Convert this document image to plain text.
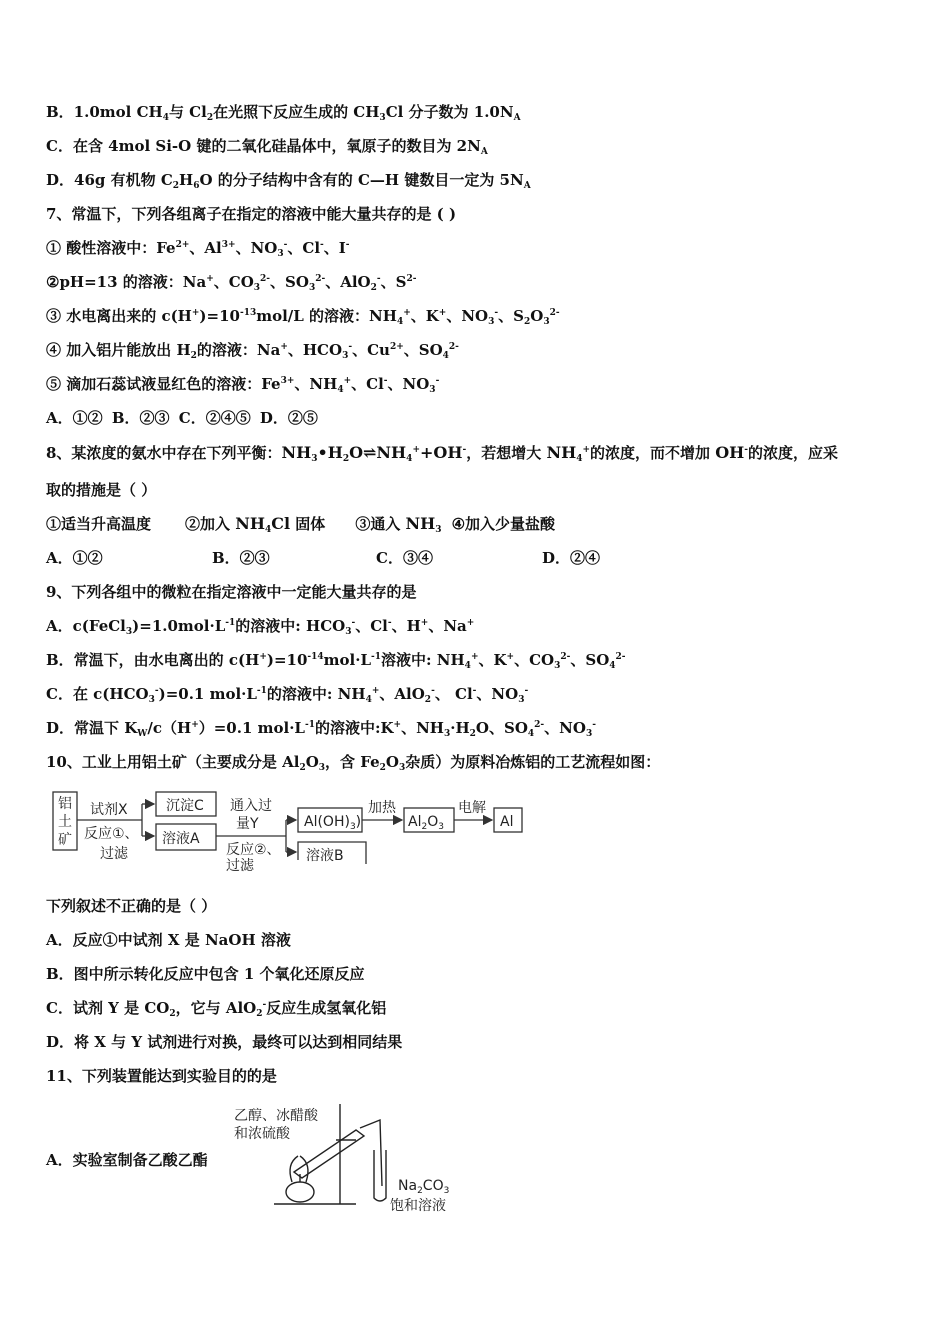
B．1.0mol $CH_4$与 $Cl_2$在光照下反应生成的 $CH_3Cl$ 分子数为 $1.0N_A$
C．在含 4mol Si-O 键的二氧化硅晶体中，氧原子的数目为 $2N_A$
D．46g 有机物 $C_2H_6O$ 的分子结构中含有的 C—H 键数目一定为 $5N_A$
7、常温下，下列各组离子在指定的溶液中能大量共存的是 ( )
① 酸性溶液中：$Fe^{2+}$、$Al^{3+}$、$NO_3^-$、Cl-、I-
②pH=13 的溶液：Na+、$CO_3^{2-}$、$SO_3^{2-}$、AlO$_2$-、$S^{2-}$
③ 水电离出来的 $c(H^+)=10^{-13}mol/L$ 的溶液：$NH_4^+$、K+、$NO_3^-$、$S_2O_3^{2-}$
④ 加入铝片能放出 $H_2$的溶液：Na+、$HCO_3^-$、$Cu^{2+}$、$SO_4^{2-}$
⑤ 滴加石蕊试液显红色的溶液：$Fe^{3+}$、$NH_4^+$、Cl-、$NO_3^-$
A．①② B．②③ C．②④⑤ D．②⑤
8、某浓度的氨水中存在下列平衡：$NH_3•H_2O\rightleftharpoons NH_4^++OH^-$，若想增大 $NH_4^+$的浓度，而不增加 OH-的浓度，应采
取的措施是（ ）
①适当升高温度 ②加入 $NH_4Cl$ 固体 ③通入 $NH_3$ ④加入少量盐酸
A．①②	B．②③	C．③④	D．②④
9、下列各组中的微粒在指定溶液中一定能大量共存的是
A．$c(FeCl_3)=1.0mol\cdot L^{-1}$的溶液中: $HCO_3^-$、Cl-、H+、Na+
B．常温下，由水电离出的 $c(H^+)=10^{-14}mol\cdot L^{-1}$溶液中: $NH_4^+$、K+、$CO_3^{2-}$、$SO_4^{2-}$
C．在 $c(HCO_3^-)=0.1$ $mol\cdot L^{-1}$的溶液中: $NH_4^+$、AlO$_2$-、 Cl-、$NO_3^-$
D．常温下 $K_W/c(H^+)=0.1$ $mol\cdot L^{-1}$的溶液中:K+、$NH_3\cdot H_2O$、$SO_4^{2-}$、$NO_3^-$
10、工业上用铝土矿（主要成分是 $Al_2O_3$，含 $Fe_2O_3$杂质）为原料冶炼铝的工艺流程如图：
铝
土
矿
试剂X
反应①、
过滤
沉淀C
溶液A
通入过
量Y
反应②、
过滤
$Al(OH)_3$)
加热
$Al_2O_3$
电解
Al
溶液B
下列叙述不正确的是（ ）
A．反应①中试剂 X 是 NaOH 溶液
B．图中所示转化反应中包含 1 个氧化还原反应
C．试剂 Y 是 $CO_2$，它与 AlO$_2$-反应生成氢氧化铝
D．将 X 与 Y 试剂进行对换，最终可以达到相同结果
11、下列装置能达到实验目的的是
A．实验室制备乙酸乙酯
乙醇、冰醋酸
和浓硫酸
$Na_2CO_3$
饱和溶液
